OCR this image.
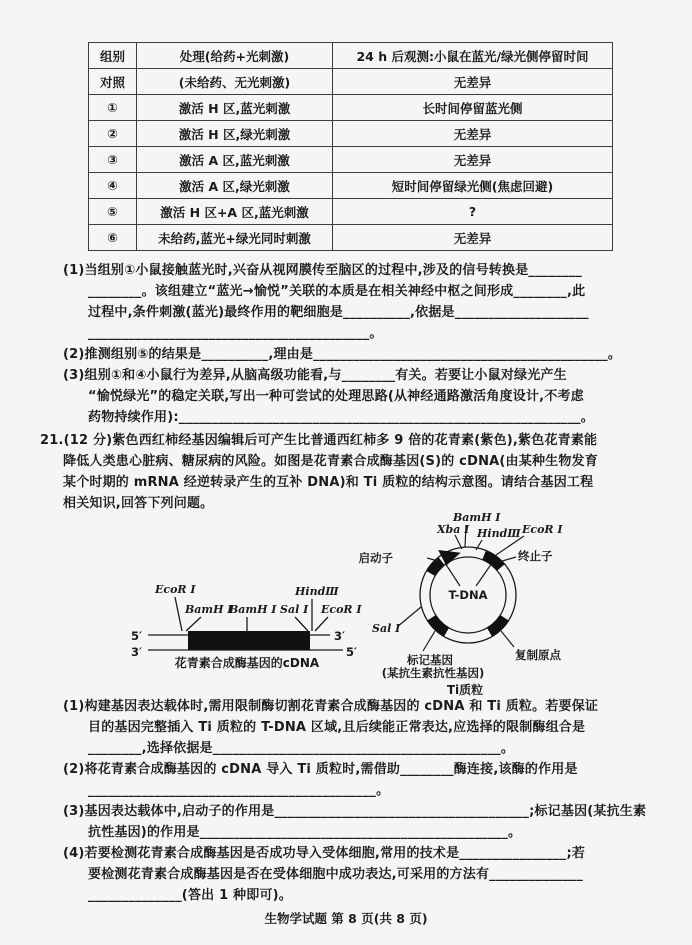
组别	处理(给药+光刺激)	24 h 后观测:小鼠在蓝光/绿光侧停留时间
对照	(未给药、无光刺激)	无差异
①	激活 H 区,蓝光刺激	长时间停留蓝光侧
②	激活 H 区,绿光刺激	无差异
③	激活 A 区,蓝光刺激	无差异
④	激活 A 区,绿光刺激	短时间停留绿光侧(焦虑回避)
⑤	激活 H 区+A 区,蓝光刺激	?
⑥	未给药,蓝光+绿光同时刺激	无差异
(1)当组别①小鼠接触蓝光时,兴奋从视网膜传至脑区的过程中,涉及的信号转换是________
________。该组建立“蓝光→愉悦”关联的本质是在相关神经中枢之间形成________,此
过程中,条件刺激(蓝光)最终作用的靶细胞是__________,依据是____________________
__________________________________________。
(2)推测组别⑤的结果是__________,理由是____________________________________________。
(3)组别①和④小鼠行为差异,从脑高级功能看,与________有关。若要让小鼠对绿光产生
“愉悦绿光”的稳定关联,写出一种可尝试的处理思路(从神经通路激活角度设计,不考虑
药物持续作用):____________________________________________________________。
21.(12 分)紫色西红柿经基因编辑后可产生比普通西红柿多 9 倍的花青素(紫色),紫色花青素能
降低人类患心脏病、糖尿病的风险。如图是花青素合成酶基因(S)的 cDNA(由某种生物发育
某个时期的 mRNA 经逆转录产生的互补 DNA)和 Ti 质粒的结构示意图。请结合基因工程
相关知识,回答下列问题。
EcoR I
BamH I
BamH I Sal I
HindⅢ
EcoR I
5′	3′
3′	5′
花青素合成酶基因的cDNA
BamH I
Xba I HindⅢ EcoR I
Sal I
启动子	终止子
T-DNA
标记基因
(某抗生素抗性基因)
复制原点
Ti质粒
(1)构建基因表达载体时,需用限制酶切割花青素合成酶基因的 cDNA 和 Ti 质粒。若要保证
目的基因完整插入 Ti 质粒的 T-DNA 区域,且后续能正常表达,应选择的限制酶组合是
________,选择依据是___________________________________________。
(2)将花青素合成酶基因的 cDNA 导入 Ti 质粒时,需借助________酶连接,该酶的作用是
___________________________________________。
(3)基因表达载体中,启动子的作用是______________________________________;标记基因(某抗生素
抗性基因)的作用是______________________________________________。
(4)若要检测花青素合成酶基因是否成功导入受体细胞,常用的技术是________________;若
要检测花青素合成酶基因是否在受体细胞中成功表达,可采用的方法有______________
______________(答出 1 种即可)。
生物学试题 第 8 页(共 8 页)
